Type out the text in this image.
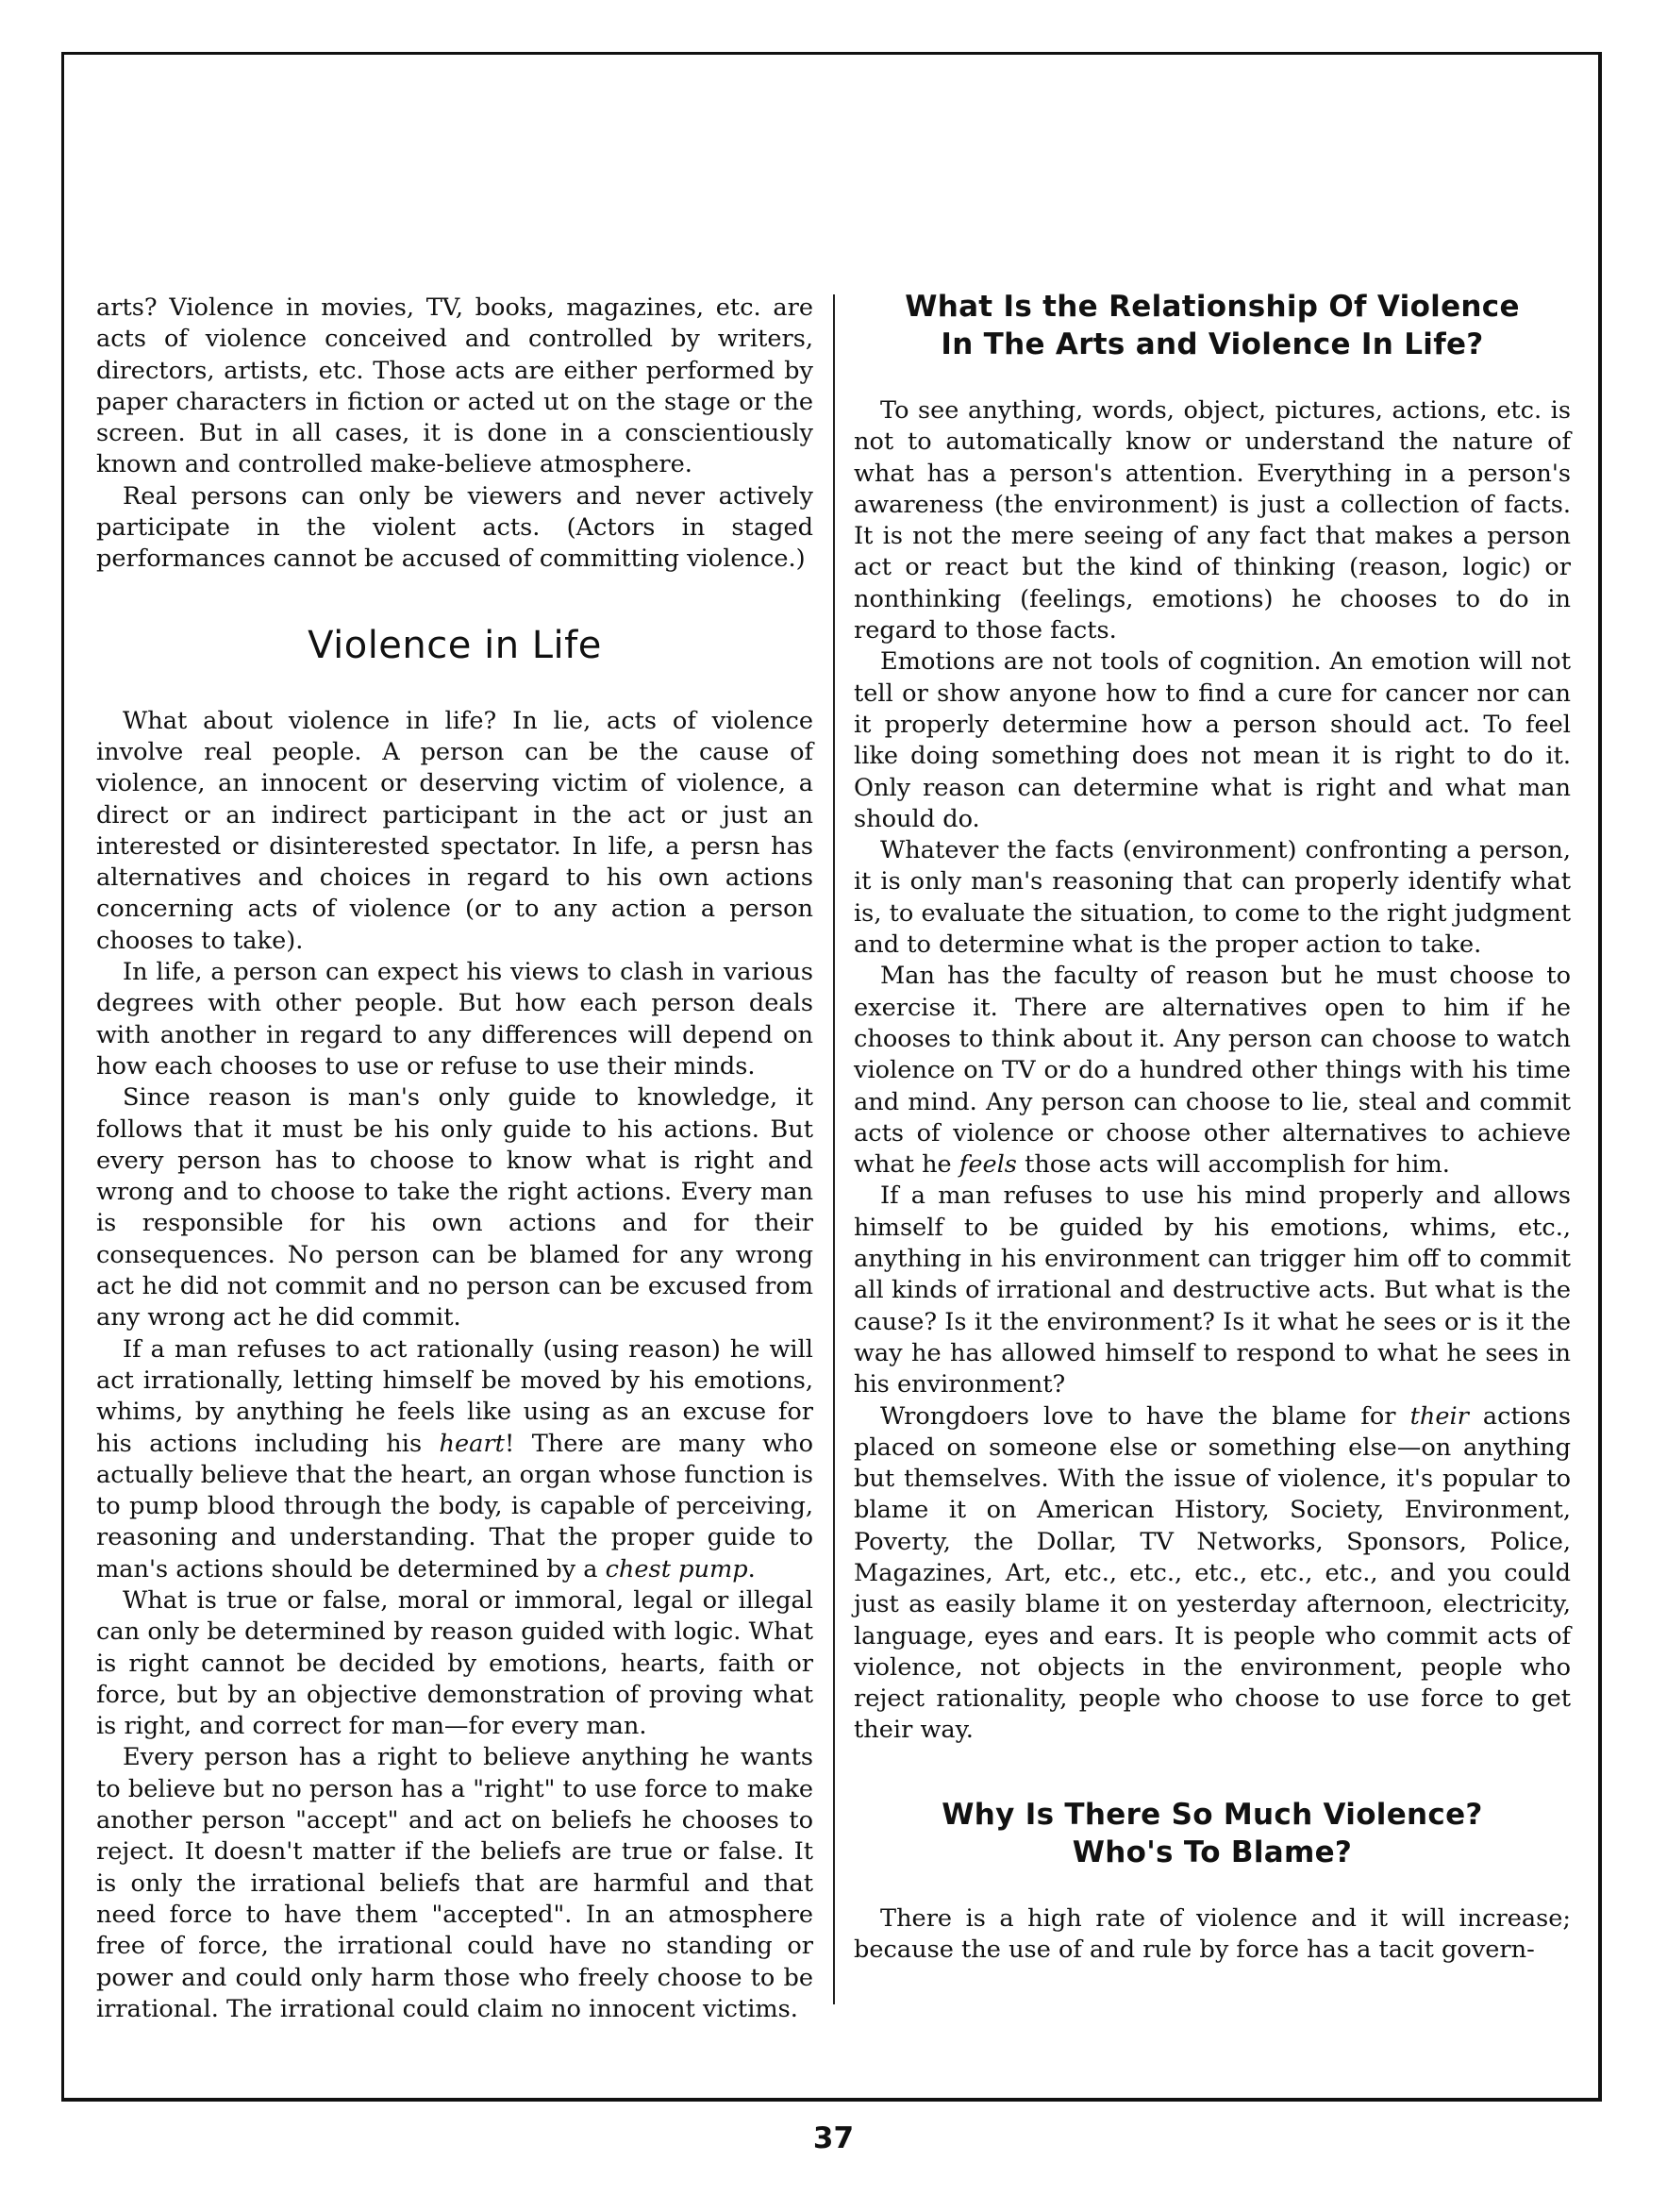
arts? Violence in movies, TV, books, magazines, etc. are acts of violence conceived and controlled by writers, directors, artists, etc. Those acts are either performed by paper characters in fiction or acted ut on the stage or the screen. But in all cases, it is done in a conscientiously known and controlled make-believe atmosphere.

Real persons can only be viewers and never actively participate in the violent acts. (Actors in staged performances cannot be accused of committing violence.)

Violence in Life

What about violence in life? In lie, acts of violence involve real people. A person can be the cause of violence, an innocent or deserving victim of violence, a direct or an indirect participant in the act or just an interested or disinterested spectator. In life, a persn has alternatives and choices in regard to his own actions concerning acts of violence (or to any action a person chooses to take).

In life, a person can expect his views to clash in various degrees with other people. But how each person deals with another in regard to any differences will depend on how each chooses to use or refuse to use their minds.

Since reason is man's only guide to knowledge, it follows that it must be his only guide to his actions. But every person has to choose to know what is right and wrong and to choose to take the right actions. Every man is responsible for his own actions and for their consequences. No person can be blamed for any wrong act he did not commit and no person can be excused from any wrong act he did commit.

If a man refuses to act rationally (using reason) he will act irrationally, letting himself be moved by his emotions, whims, by anything he feels like using as an excuse for his actions including his heart! There are many who actually believe that the heart, an organ whose function is to pump blood through the body, is capable of perceiving, reasoning and understanding. That the proper guide to man's actions should be determined by a chest pump.

What is true or false, moral or immoral, legal or illegal can only be determined by reason guided with logic. What is right cannot be decided by emotions, hearts, faith or force, but by an objective demonstration of proving what is right, and correct for man—for every man.

Every person has a right to believe anything he wants to believe but no person has a "right" to use force to make another person "accept" and act on beliefs he chooses to reject. It doesn't matter if the beliefs are true or false. It is only the irrational beliefs that are harmful and that need force to have them "accepted". In an atmosphere free of force, the irrational could have no standing or power and could only harm those who freely choose to be irrational. The irrational could claim no innocent victims.

What Is the Relationship Of Violence
In The Arts and Violence In Life?

To see anything, words, object, pictures, actions, etc. is not to automatically know or understand the nature of what has a person's attention. Everything in a person's awareness (the environment) is just a collection of facts. It is not the mere seeing of any fact that makes a person act or react but the kind of thinking (reason, logic) or nonthinking (feelings, emotions) he chooses to do in regard to those facts.

Emotions are not tools of cognition. An emotion will not tell or show anyone how to find a cure for cancer nor can it properly determine how a person should act. To feel like doing something does not mean it is right to do it. Only reason can determine what is right and what man should do.

Whatever the facts (environment) confronting a person, it is only man's reasoning that can properly identify what is, to evaluate the situation, to come to the right judgment and to determine what is the proper action to take.

Man has the faculty of reason but he must choose to exercise it. There are alternatives open to him if he chooses to think about it. Any person can choose to watch violence on TV or do a hundred other things with his time and mind. Any person can choose to lie, steal and commit acts of violence or choose other alternatives to achieve what he feels those acts will accomplish for him.

If a man refuses to use his mind properly and allows himself to be guided by his emotions, whims, etc., anything in his environment can trigger him off to commit all kinds of irrational and destructive acts. But what is the cause? Is it the environment? Is it what he sees or is it the way he has allowed himself to respond to what he sees in his environment?

Wrongdoers love to have the blame for their actions placed on someone else or something else—on anything but themselves. With the issue of violence, it's popular to blame it on American History, Society, Environment, Poverty, the Dollar, TV Networks, Sponsors, Police, Magazines, Art, etc., etc., etc., etc., etc., and you could just as easily blame it on yesterday afternoon, electricity, language, eyes and ears. It is people who commit acts of violence, not objects in the environment, people who reject rationality, people who choose to use force to get their way.

Why Is There So Much Violence?
Who's To Blame?

There is a high rate of violence and it will increase; because the use of and rule by force has a tacit govern-

37
